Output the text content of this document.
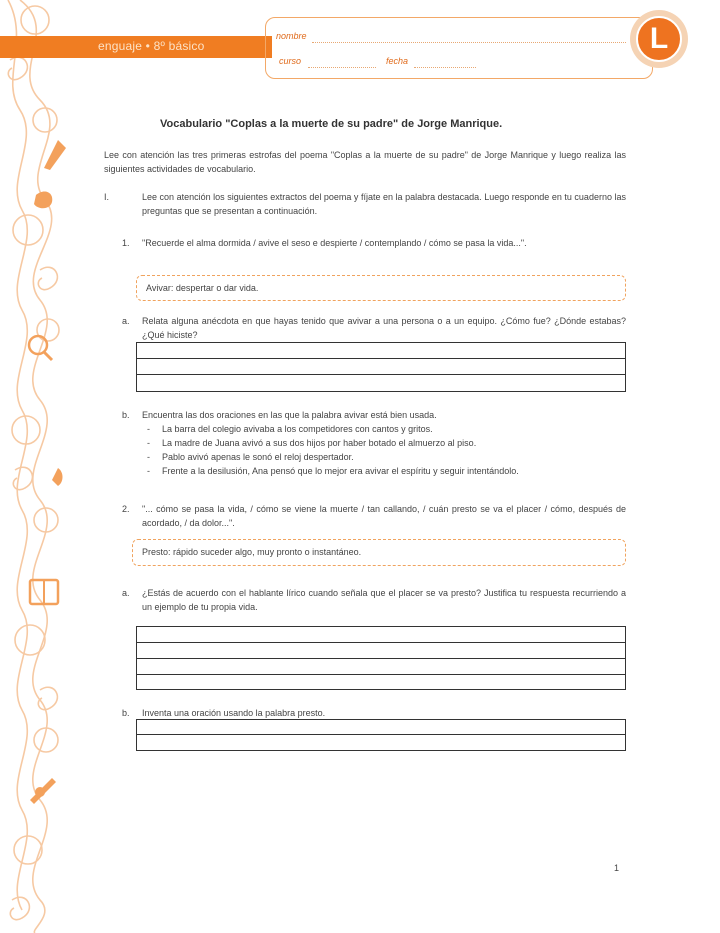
enguaje • 8º básico
nombre
curso	fecha
L
Vocabulario "Coplas a la muerte de su padre" de Jorge Manrique.
Lee con atención las tres primeras estrofas del poema "Coplas a la muerte de su padre" de Jorge Manrique y luego realiza las siguientes actividades de vocabulario.
I.	Lee con atención los siguientes extractos del poema y fíjate en la palabra destacada. Luego responde en tu cuaderno las preguntas que se presentan a continuación.
1. "Recuerde el alma dormida / avive el seso e despierte / contemplando / cómo se pasa la vida...".
Avivar: despertar o dar vida.
a. Relata alguna anécdota en que hayas tenido que avivar a una persona o a un equipo. ¿Cómo fue? ¿Dónde estabas? ¿Qué hiciste?
b. Encuentra las dos oraciones en las que la palabra avivar está bien usada.
- La barra del colegio avivaba a los competidores con cantos y gritos.
- La madre de Juana avivó a sus dos hijos por haber botado el almuerzo al piso.
- Pablo avivó apenas le sonó el reloj despertador.
- Frente a la desilusión, Ana pensó que lo mejor era avivar el espíritu y seguir intentándolo.
2. "... cómo se pasa la vida, / cómo se viene la muerte / tan callando, / cuán presto se va el placer / cómo, después de acordado, / da dolor...".
Presto: rápido suceder algo, muy pronto o instantáneo.
a. ¿Estás de acuerdo con el hablante lírico cuando señala que el placer se va presto? Justifica tu respuesta recurriendo a un ejemplo de tu propia vida.
b. Inventa una oración usando la palabra presto.
1
